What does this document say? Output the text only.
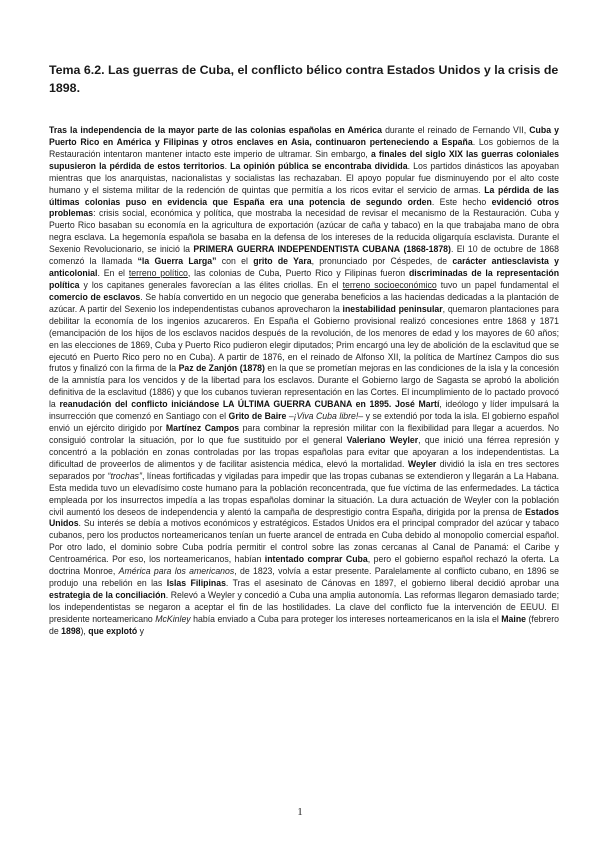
Tema 6.2. Las guerras de Cuba, el conflicto bélico contra Estados Unidos y la crisis de 1898.

Tras la independencia de la mayor parte de las colonias españolas en América durante el reinado de Fernando VII, Cuba y Puerto Rico en América y Filipinas y otros enclaves en Asia, continuaron perteneciendo a España. Los gobiernos de la Restauración intentaron mantener intacto este imperio de ultramar. Sin embargo, a finales del siglo XIX las guerras coloniales supusieron la pérdida de estos territorios. La opinión pública se encontraba dividida. Los partidos dinásticos las apoyaban mientras que los anarquistas, nacionalistas y socialistas las rechazaban. El apoyo popular fue disminuyendo por el alto coste humano y el sistema militar de la redención de quintas que permitía a los ricos evitar el servicio de armas. La pérdida de las últimas colonias puso en evidencia que España era una potencia de segundo orden. Este hecho evidenció otros problemas: crisis social, económica y política, que mostraba la necesidad de revisar el mecanismo de la Restauración. Cuba y Puerto Rico basaban su economía en la agricultura de exportación (azúcar de caña y tabaco) en la que trabajaba mano de obra negra esclava. La hegemonía española se basaba en la defensa de los intereses de la reducida oligarquía esclavista. Durante el Sexenio Revolucionario, se inició la PRIMERA GUERRA INDEPENDENTISTA CUBANA (1868-1878). El 10 de octubre de 1868 comenzó la llamada “la Guerra Larga” con el grito de Yara, pronunciado por Céspedes, de carácter antiesclavista y anticolonial. En el terreno político, las colonias de Cuba, Puerto Rico y Filipinas fueron discriminadas de la representación política y los capitanes generales favorecían a las élites criollas. En el terreno socioeconómico tuvo un papel fundamental el comercio de esclavos. Se había convertido en un negocio que generaba beneficios a las haciendas dedicadas a la plantación de azúcar. A partir del Sexenio los independentistas cubanos aprovecharon la inestabilidad peninsular, quemaron plantaciones para debilitar la economía de los ingenios azucareros. En España el Gobierno provisional realizó concesiones entre 1868 y 1871 (emancipación de los hijos de los esclavos nacidos después de la revolución, de los menores de edad y los mayores de 60 años; en las elecciones de 1869, Cuba y Puerto Rico pudieron elegir diputados; Prim encargó una ley de abolición de la esclavitud que se ejecutó en Puerto Rico pero no en Cuba). A partir de 1876, en el reinado de Alfonso XII, la política de Martínez Campos dio sus frutos y finalizó con la firma de la Paz de Zanjón (1878) en la que se prometían mejoras en las condiciones de la isla y la concesión de la amnistía para los vencidos y de la libertad para los esclavos. Durante el Gobierno largo de Sagasta se aprobó la abolición definitiva de la esclavitud (1886) y que los cubanos tuvieran representación en las Cortes. El incumplimiento de lo pactado provocó la reanudación del conflicto iniciándose LA ÚLTIMA GUERRA CUBANA en 1895. José Martí, ideólogo y líder impulsará la insurrección que comenzó en Santiago con el Grito de Baire –¡Viva Cuba libre!– y se extendió por toda la isla. El gobierno español envió un ejército dirigido por Martínez Campos para combinar la represión militar con la flexibilidad para llegar a acuerdos. No consiguió controlar la situación, por lo que fue sustituido por el general Valeriano Weyler, que inició una férrea represión y concentró a la población en zonas controladas por las tropas españolas para evitar que apoyaran a los independentistas. La dificultad de proveerlos de alimentos y de facilitar asistencia médica, elevó la mortalidad. Weyler dividió la isla en tres sectores separados por “trochas”, líneas fortificadas y vigiladas para impedir que las tropas cubanas se extendieron y llegarán a La Habana. Esta medida tuvo un elevadísimo coste humano para la población reconcentrada, que fue víctima de las enfermedades. La táctica empleada por los insurrectos impedía a las tropas españolas dominar la situación. La dura actuación de Weyler con la población civil aumentó los deseos de independencia y alentó la campaña de desprestigio contra España, dirigida por la prensa de Estados Unidos. Su interés se debía a motivos económicos y estratégicos. Estados Unidos era el principal comprador del azúcar y tabaco cubanos, pero los productos norteamericanos tenían un fuerte arancel de entrada en Cuba debido al monopolio comercial español. Por otro lado, el dominio sobre Cuba podría permitir el control sobre las zonas cercanas al Canal de Panamá: el Caribe y Centroamérica. Por eso, los norteamericanos, habían intentado comprar Cuba, pero el gobierno español rechazó la oferta. La doctrina Monroe, América para los americanos, de 1823, volvía a estar presente. Paralelamente al conflicto cubano, en 1896 se produjo una rebelión en las Islas Filipinas. Tras el asesinato de Cánovas en 1897, el gobierno liberal decidió aprobar una estrategia de la conciliación. Relevó a Weyler y concedió a Cuba una amplia autonomía. Las reformas llegaron demasiado tarde; los independentistas se negaron a aceptar el fin de las hostilidades. La clave del conflicto fue la intervención de EEUU. El presidente norteamericano McKinley había enviado a Cuba para proteger los intereses norteamericanos en la isla el Maine (febrero de 1898), que explotó y

1
